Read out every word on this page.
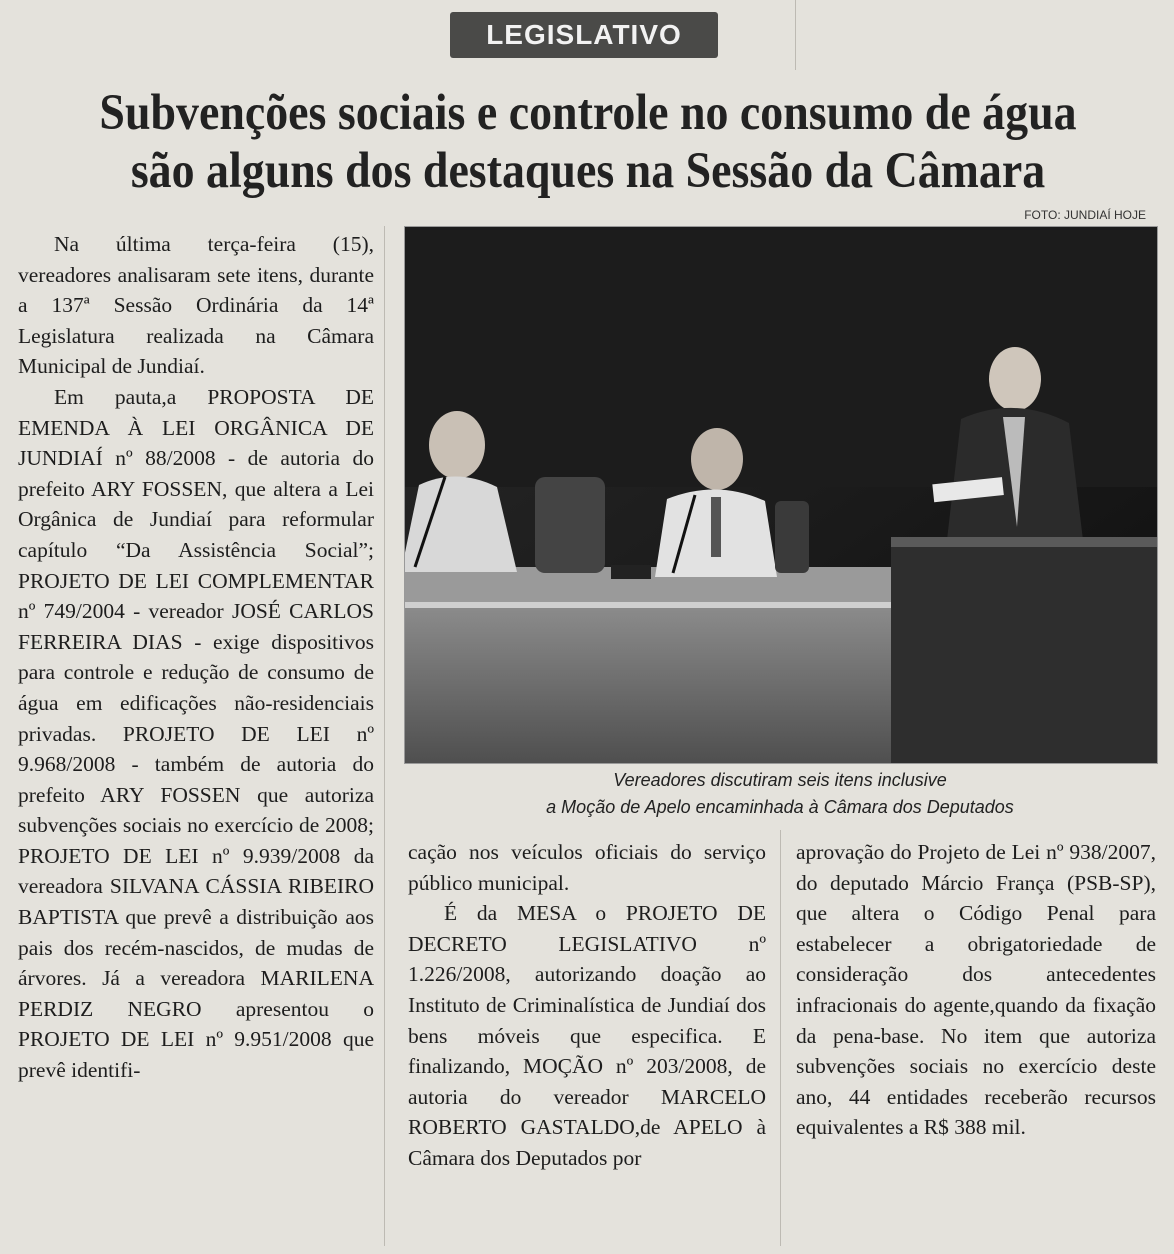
LEGISLATIVO
Subvenções sociais e controle no consumo de água
são alguns dos destaques na Sessão da Câmara
FOTO: JUNDIAÍ HOJE
Vereadores discutiram seis itens inclusive
a Moção de Apelo encaminhada à Câmara dos Deputados

Na última terça-feira (15), vereadores analisaram sete itens, durante a 137ª Sessão Ordinária da 14ª Legislatura realizada na Câmara Municipal de Jundiaí.

Em pauta,a PROPOSTA DE EMENDA À LEI ORGÂNICA DE JUNDIAÍ nº 88/2008 - de autoria do prefeito ARY FOSSEN, que altera a Lei Orgânica de Jundiaí para reformular capítulo “Da Assistência Social”; PROJETO DE LEI COMPLEMENTAR nº 749/2004 - vereador JOSÉ CARLOS FERREIRA DIAS - exige dispositivos para controle e redução de consumo de água em edificações não-residenciais privadas. PROJETO DE LEI nº 9.968/2008 - também de autoria do prefeito ARY FOSSEN que autoriza subvenções sociais no exercício de 2008; PROJETO DE LEI nº 9.939/2008 da vereadora SILVANA CÁSSIA RIBEIRO BAPTISTA que prevê a distribuição aos pais dos recém-nascidos, de mudas de árvores. Já a vereadora MARILENA PERDIZ NEGRO apresentou o PROJETO DE LEI nº 9.951/2008 que prevê identifi-

cação nos veículos oficiais do serviço público municipal.

É da MESA o PROJETO DE DECRETO LEGISLATIVO nº 1.226/2008, autorizando doação ao Instituto de Criminalística de Jundiaí dos bens móveis que especifica. E finalizando, MOÇÃO nº 203/2008, de autoria do vereador MARCELO ROBERTO GASTALDO,de APELO à Câmara dos Deputados por

aprovação do Projeto de Lei nº 938/2007, do deputado Márcio França (PSB-SP), que altera o Código Penal para estabelecer a obrigatoriedade de consideração dos antecedentes infracionais do agente,quando da fixação da pena-base. No item que autoriza subvenções sociais no exercício deste ano, 44 entidades receberão recursos equivalentes a R$ 388 mil.
